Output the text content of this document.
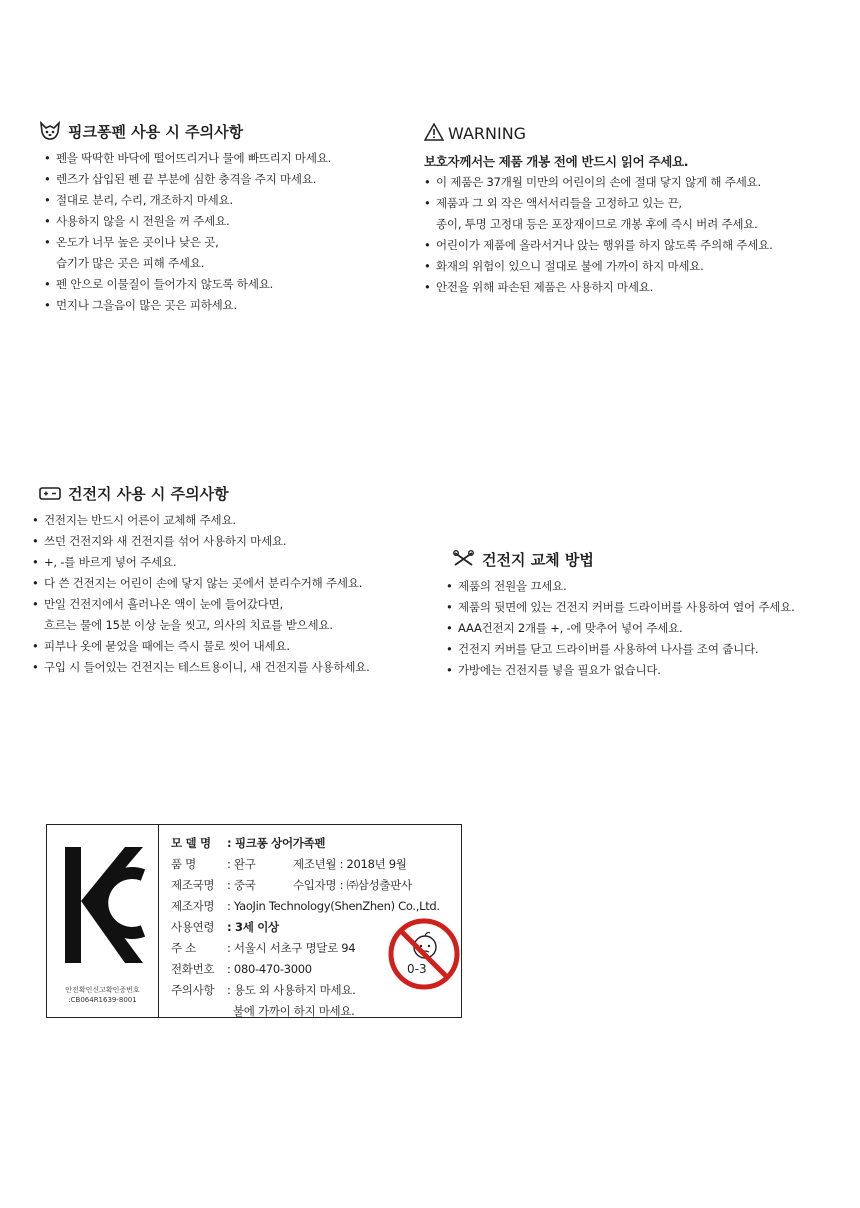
핑크퐁펜 사용 시 주의사항
• 펜을 딱딱한 바닥에 떨어뜨리거나 물에 빠뜨리지 마세요.
• 렌즈가 삽입된 펜 끝 부분에 심한 충격을 주지 마세요.
• 절대로 분리, 수리, 개조하지 마세요.
• 사용하지 않을 시 전원을 꺼 주세요.
• 온도가 너무 높은 곳이나 낮은 곳,
습기가 많은 곳은 피해 주세요.
• 펜 안으로 이물질이 들어가지 않도록 하세요.
• 먼지나 그을음이 많은 곳은 피하세요.
WARNING
보호자께서는 제품 개봉 전에 반드시 읽어 주세요.
• 이 제품은 37개월 미만의 어린이의 손에 절대 닿지 않게 해 주세요.
• 제품과 그 외 작은 액서서리들을 고정하고 있는 끈,
종이, 투명 고정대 등은 포장재이므로 개봉 후에 즉시 버려 주세요.
• 어린이가 제품에 올라서거나 앉는 행위를 하지 않도록 주의해 주세요.
• 화재의 위험이 있으니 절대로 불에 가까이 하지 마세요.
• 안전을 위해 파손된 제품은 사용하지 마세요.
건전지 사용 시 주의사항
• 건전지는 반드시 어른이 교체해 주세요.
• 쓰던 건전지와 새 건전지를 섞어 사용하지 마세요.
• +, -를 바르게 넣어 주세요.
• 다 쓴 건전지는 어린이 손에 닿지 않는 곳에서 분리수거해 주세요.
• 만일 건전지에서 흘러나온 액이 눈에 들어갔다면,
흐르는 물에 15분 이상 눈을 씻고, 의사의 치료를 받으세요.
• 피부나 옷에 묻었을 때에는 즉시 물로 씻어 내세요.
• 구입 시 들어있는 건전지는 테스트용이니, 새 건전지를 사용하세요.
건전지 교체 방법
• 제품의 전원을 끄세요.
• 제품의 뒷면에 있는 건전지 커버를 드라이버를 사용하여 열어 주세요.
• AAA건전지 2개를 +, -에 맞추어 넣어 주세요.
• 건전지 커버를 닫고 드라이버를 사용하여 나사를 조여 줍니다.
• 가방에는 건전지를 넣을 필요가 없습니다.
안전확인신고확인증번호
:CB064R1639-8001
모 델 명 : 핑크퐁 상어가족펜
품 명	: 완구	제조년월 : 2018년 9월
제조국명 : 중국	수입자명 : ㈜삼성출판사
제조자명 : YaoJin Technology(ShenZhen) Co.,Ltd.
사용연령 : 3세 이상
주 소	: 서울시 서초구 명달로 94
전화번호 : 080-470-3000
주의사항 : 용도 외 사용하지 마세요.
불에 가까이 하지 마세요.
0-3
